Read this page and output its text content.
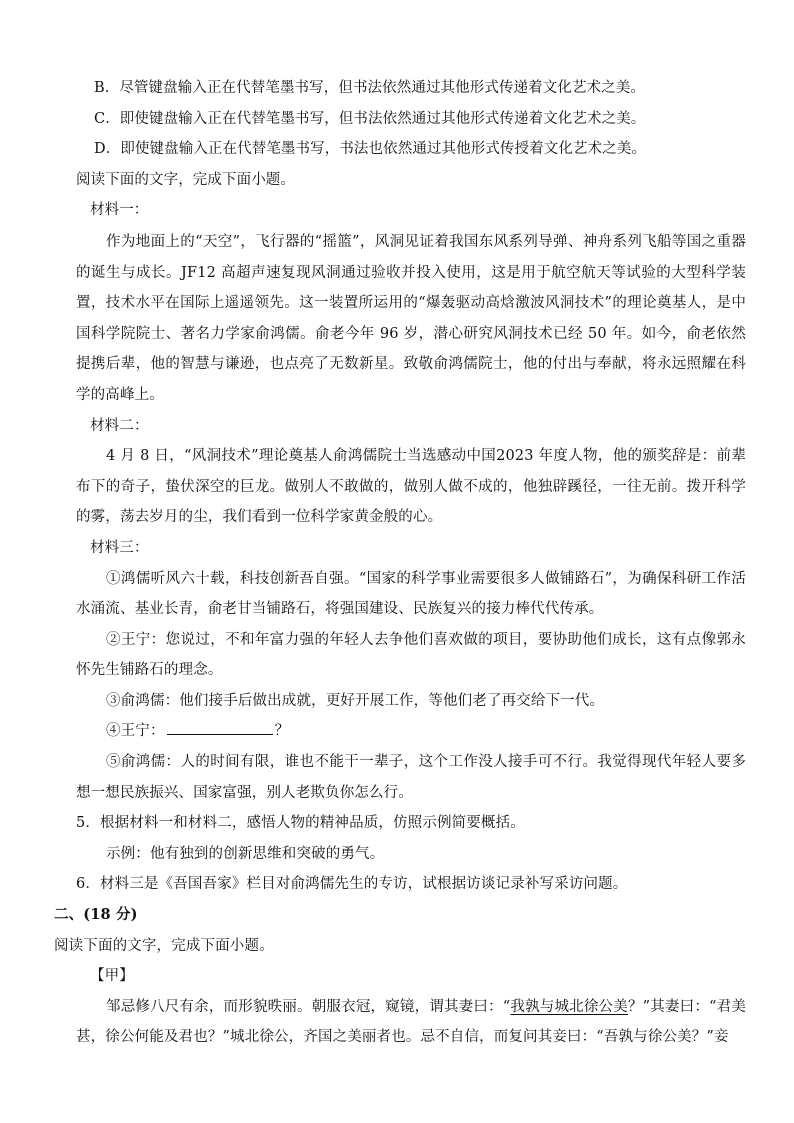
B．尽管键盘输入正在代替笔墨书写，但书法依然通过其他形式传递着文化艺术之美。

C．即使键盘输入正在代替笔墨书写，但书法依然通过其他形式传递着文化艺术之美。

D．即使键盘输入正在代替笔墨书写，书法也依然通过其他形式传授着文化艺术之美。

阅读下面的文字，完成下面小题。

材料一：

作为地面上的“天空”，飞行器的“摇篮”，风洞见证着我国东风系列导弹、神舟系列飞船等国之重器的诞生与成长。JF12 高超声速复现风洞通过验收并投入使用，这是用于航空航天等试验的大型科学装置，技术水平在国际上遥遥领先。这一装置所运用的“爆轰驱动高焓激波风洞技术”的理论奠基人，是中国科学院院士、著名力学家俞鸿儒。俞老今年 96 岁，潜心研究风洞技术已经 50 年。如今，俞老依然提携后辈，他的智慧与谦逊，也点亮了无数新星。致敬俞鸿儒院士，他的付出与奉献，将永远照耀在科学的高峰上。

材料二：

4 月 8 日，“风洞技术”理论奠基人俞鸿儒院士当选感动中国2023 年度人物，他的颁奖辞是：前辈布下的奇子，蛰伏深空的巨龙。做别人不敢做的，做别人做不成的，他独辟蹊径，一往无前。拨开科学的雾，荡去岁月的尘，我们看到一位科学家黄金般的心。

材料三：

①鸿儒听风六十载，科技创新吾自强。“国家的科学事业需要很多人做铺路石”，为确保科研工作活水涌流、基业长青，俞老甘当铺路石，将强国建设、民族复兴的接力棒代代传承。

②王宁：您说过，不和年富力强的年轻人去争他们喜欢做的项目，要协助他们成长，这有点像郭永怀先生铺路石的理念。

③俞鸿儒：他们接手后做出成就，更好开展工作，等他们老了再交给下一代。

④王宁：	？

⑤俞鸿儒：人的时间有限，谁也不能干一辈子，这个工作没人接手可不行。我觉得现代年轻人要多想一想民族振兴、国家富强，别人老欺负你怎么行。

5．根据材料一和材料二，感悟人物的精神品质，仿照示例简要概括。

示例：他有独到的创新思维和突破的勇气。

6．材料三是《吾国吾家》栏目对俞鸿儒先生的专访，试根据访谈记录补写采访问题。

二、(18 分)

阅读下面的文字，完成下面小题。

【甲】

邹忌修八尺有余，而形貌昳丽。朝服衣冠，窥镜，谓其妻曰：“我孰与城北徐公美？”其妻曰：“君美甚，徐公何能及君也？”城北徐公，齐国之美丽者也。忌不自信，而复问其妾曰：“吾孰与徐公美？”妾
